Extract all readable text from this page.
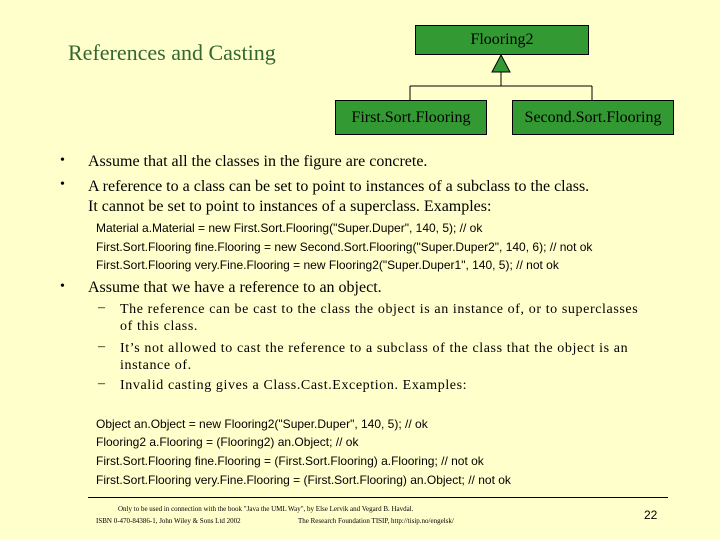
References and Casting
Flooring2
First.Sort.Flooring	Second.Sort.Flooring
• Assume that all the classes in the figure are concrete.
• A reference to a class can be set to point to instances of a subclass to the class.
It cannot be set to point to instances of a superclass. Examples:
Material a.Material = new First.Sort.Flooring("Super.Duper", 140, 5); // ok
First.Sort.Flooring fine.Flooring = new Second.Sort.Flooring("Super.Duper2", 140, 6); // not ok
First.Sort.Flooring very.Fine.Flooring = new Flooring2("Super.Duper1", 140, 5); // not ok
• Assume that we have a reference to an object.
– The reference can be cast to the class the object is an instance of, or to superclasses
of this class.
– It’s not allowed to cast the reference to a subclass of the class that the object is an
instance of.
– Invalid casting gives a Class.Cast.Exception. Examples:
Object an.Object = new Flooring2("Super.Duper", 140, 5); // ok
Flooring2 a.Flooring = (Flooring2) an.Object; // ok
First.Sort.Flooring fine.Flooring = (First.Sort.Flooring) a.Flooring; // not ok
First.Sort.Flooring very.Fine.Flooring = (First.Sort.Flooring) an.Object; // not ok
Only to be used in connection with the book "Java the UML Way", by Else Lervik and Vegard B. Havdal.
ISBN 0-470-84386-1, John Wiley & Sons Ltd 2002	The Research Foundation TISIP, http://tisip.no/engelsk/	22
